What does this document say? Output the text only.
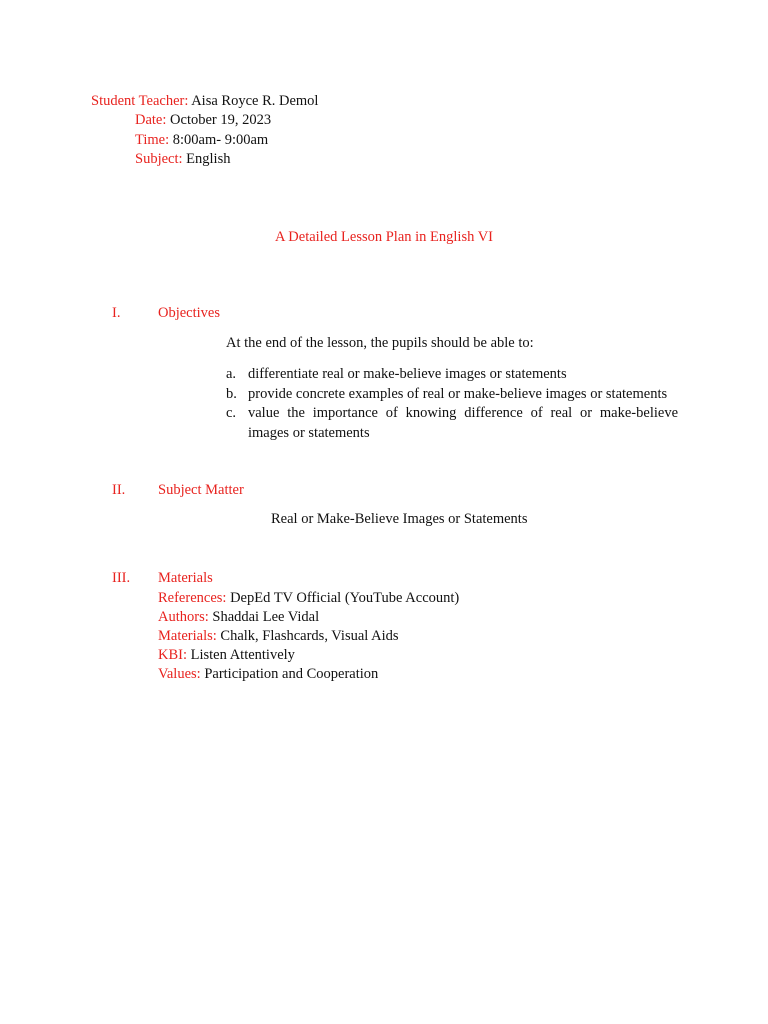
Student Teacher: Aisa Royce R. Demol
Date: October 19, 2023
Time: 8:00am- 9:00am
Subject: English
A Detailed Lesson Plan in English VI
I.	Objectives
At the end of the lesson, the pupils should be able to:
a. differentiate real or make-believe images or statements
b. provide concrete examples of real or make-believe images or statements
c. value the importance of knowing difference of real or make-believe images or statements
II.	Subject Matter
Real or Make-Believe Images or Statements
III.	Materials
References: DepEd TV Official (YouTube Account)
Authors: Shaddai Lee Vidal
Materials: Chalk, Flashcards, Visual Aids
KBI: Listen Attentively
Values: Participation and Cooperation
